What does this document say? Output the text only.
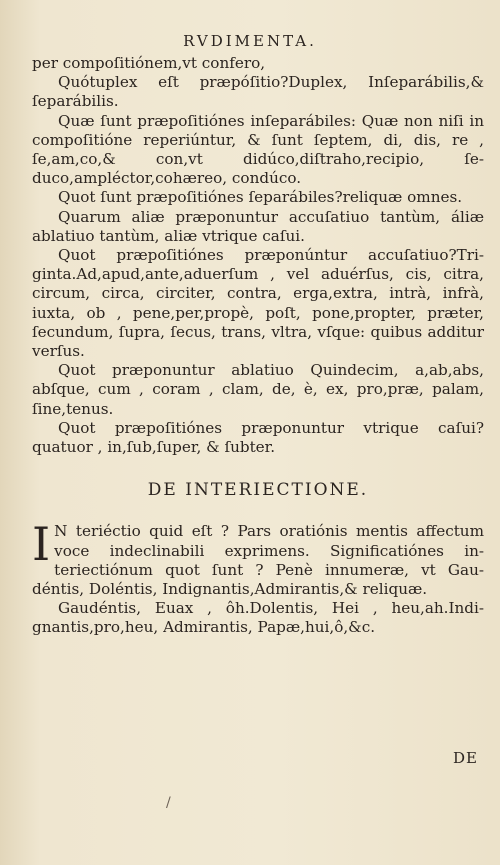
RVDIMENTA.

per compoſitiónem,vt confero,

Quótuplex eſt præpóſitio?Duplex, Inſeparábilis,& ſeparábilis.

Quæ ſunt præpoſitiónes inſeparábiles: Quæ non niſi in compoſitióne reperiúntur, & ſunt ſeptem, di, dis, re , ſe,am,co,& con,vt didúco,diſtraho,recipio, ſe- duco,ampléctor,cohæreo, condúco.

Quot ſunt præpoſitiónes ſeparábiles?reliquæ omnes.

Quarum aliæ præponuntur accuſatiuo tantùm, áliæ ablatiuo tantùm, aliæ vtrique caſui.

Quot præpoſitiónes præponúntur accuſatiuo?Tri- ginta.Ad,apud,ante,aduerſum , vel aduérſus, cis, citra, circum, circa, circiter, contra, erga,extra, intrà, infrà, iuxta, ob , pene,per,propè, poſt, pone,propter, præter, ſecundum, ſupra, ſecus, trans, vltra, vſque: quibus additur verſus.

Quot præponuntur ablatiuo Quindecim, a,ab,abs, abſque, cum , coram , clam, de, è, ex, pro,præ, palam, ſine,tenus.

Quot præpoſitiónes præponuntur vtrique caſui? quatuor , in,ſub,ſuper, & ſubter.

DE INTERIECTIONE.

I N teriéctio quid eſt ? Pars oratiónis mentis affectum voce indeclinabili exprimens. Significatiónes in- teriectiónum quot ſunt ? Penè innumeræ, vt Gau- déntis, Doléntis, Indignantis,Admirantis,& reliquæ.

Gaudéntis, Euax , ôh.Dolentis, Hei , heu,ah.Indi- gnantis,pro,heu, Admirantis, Papæ,hui,ô,&c.

DE
/
